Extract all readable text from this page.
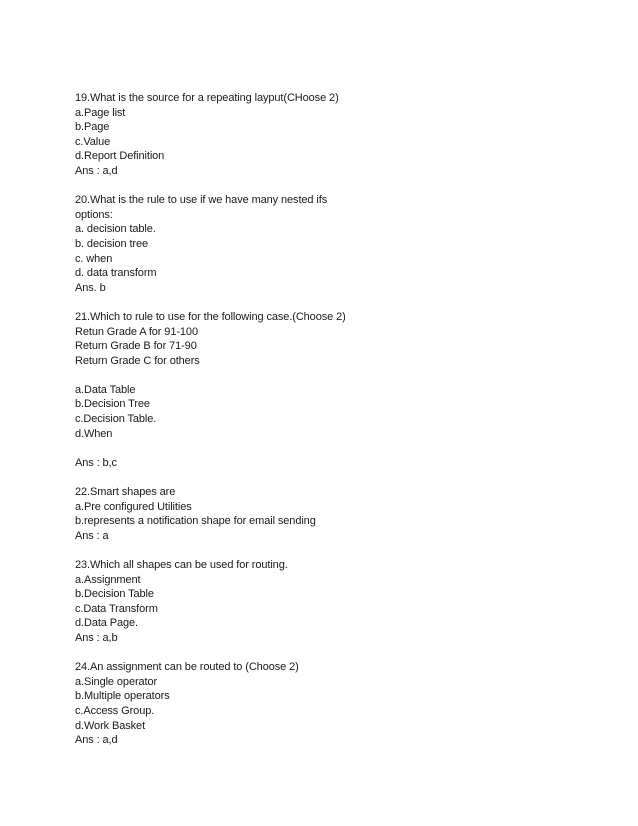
19.What is the source for a repeating layput(CHoose 2)
a.Page list
b.Page
c.Value
d.Report Definition
Ans : a,d
20.What is the rule to use if we have many nested ifs
options:
a. decision table.
b. decision tree
c. when
d. data transform
Ans. b
21.Which to rule to use for the following case.(Choose 2)
Retun Grade A for 91-100
Return Grade B for 71-90
Return Grade C for others
a.Data Table
b.Decision Tree
c.Decision Table.
d.When
Ans : b,c
22.Smart shapes are
a.Pre configured Utilities
b.represents a notification shape for email sending
Ans : a
23.Which all shapes can be used for routing.
a.Assignment
b.Decision Table
c.Data Transform
d.Data Page.
Ans : a,b
24.An assignment can be routed to (Choose 2)
a.Single operator
b.Multiple operators
c.Access Group.
d.Work Basket
Ans : a,d
